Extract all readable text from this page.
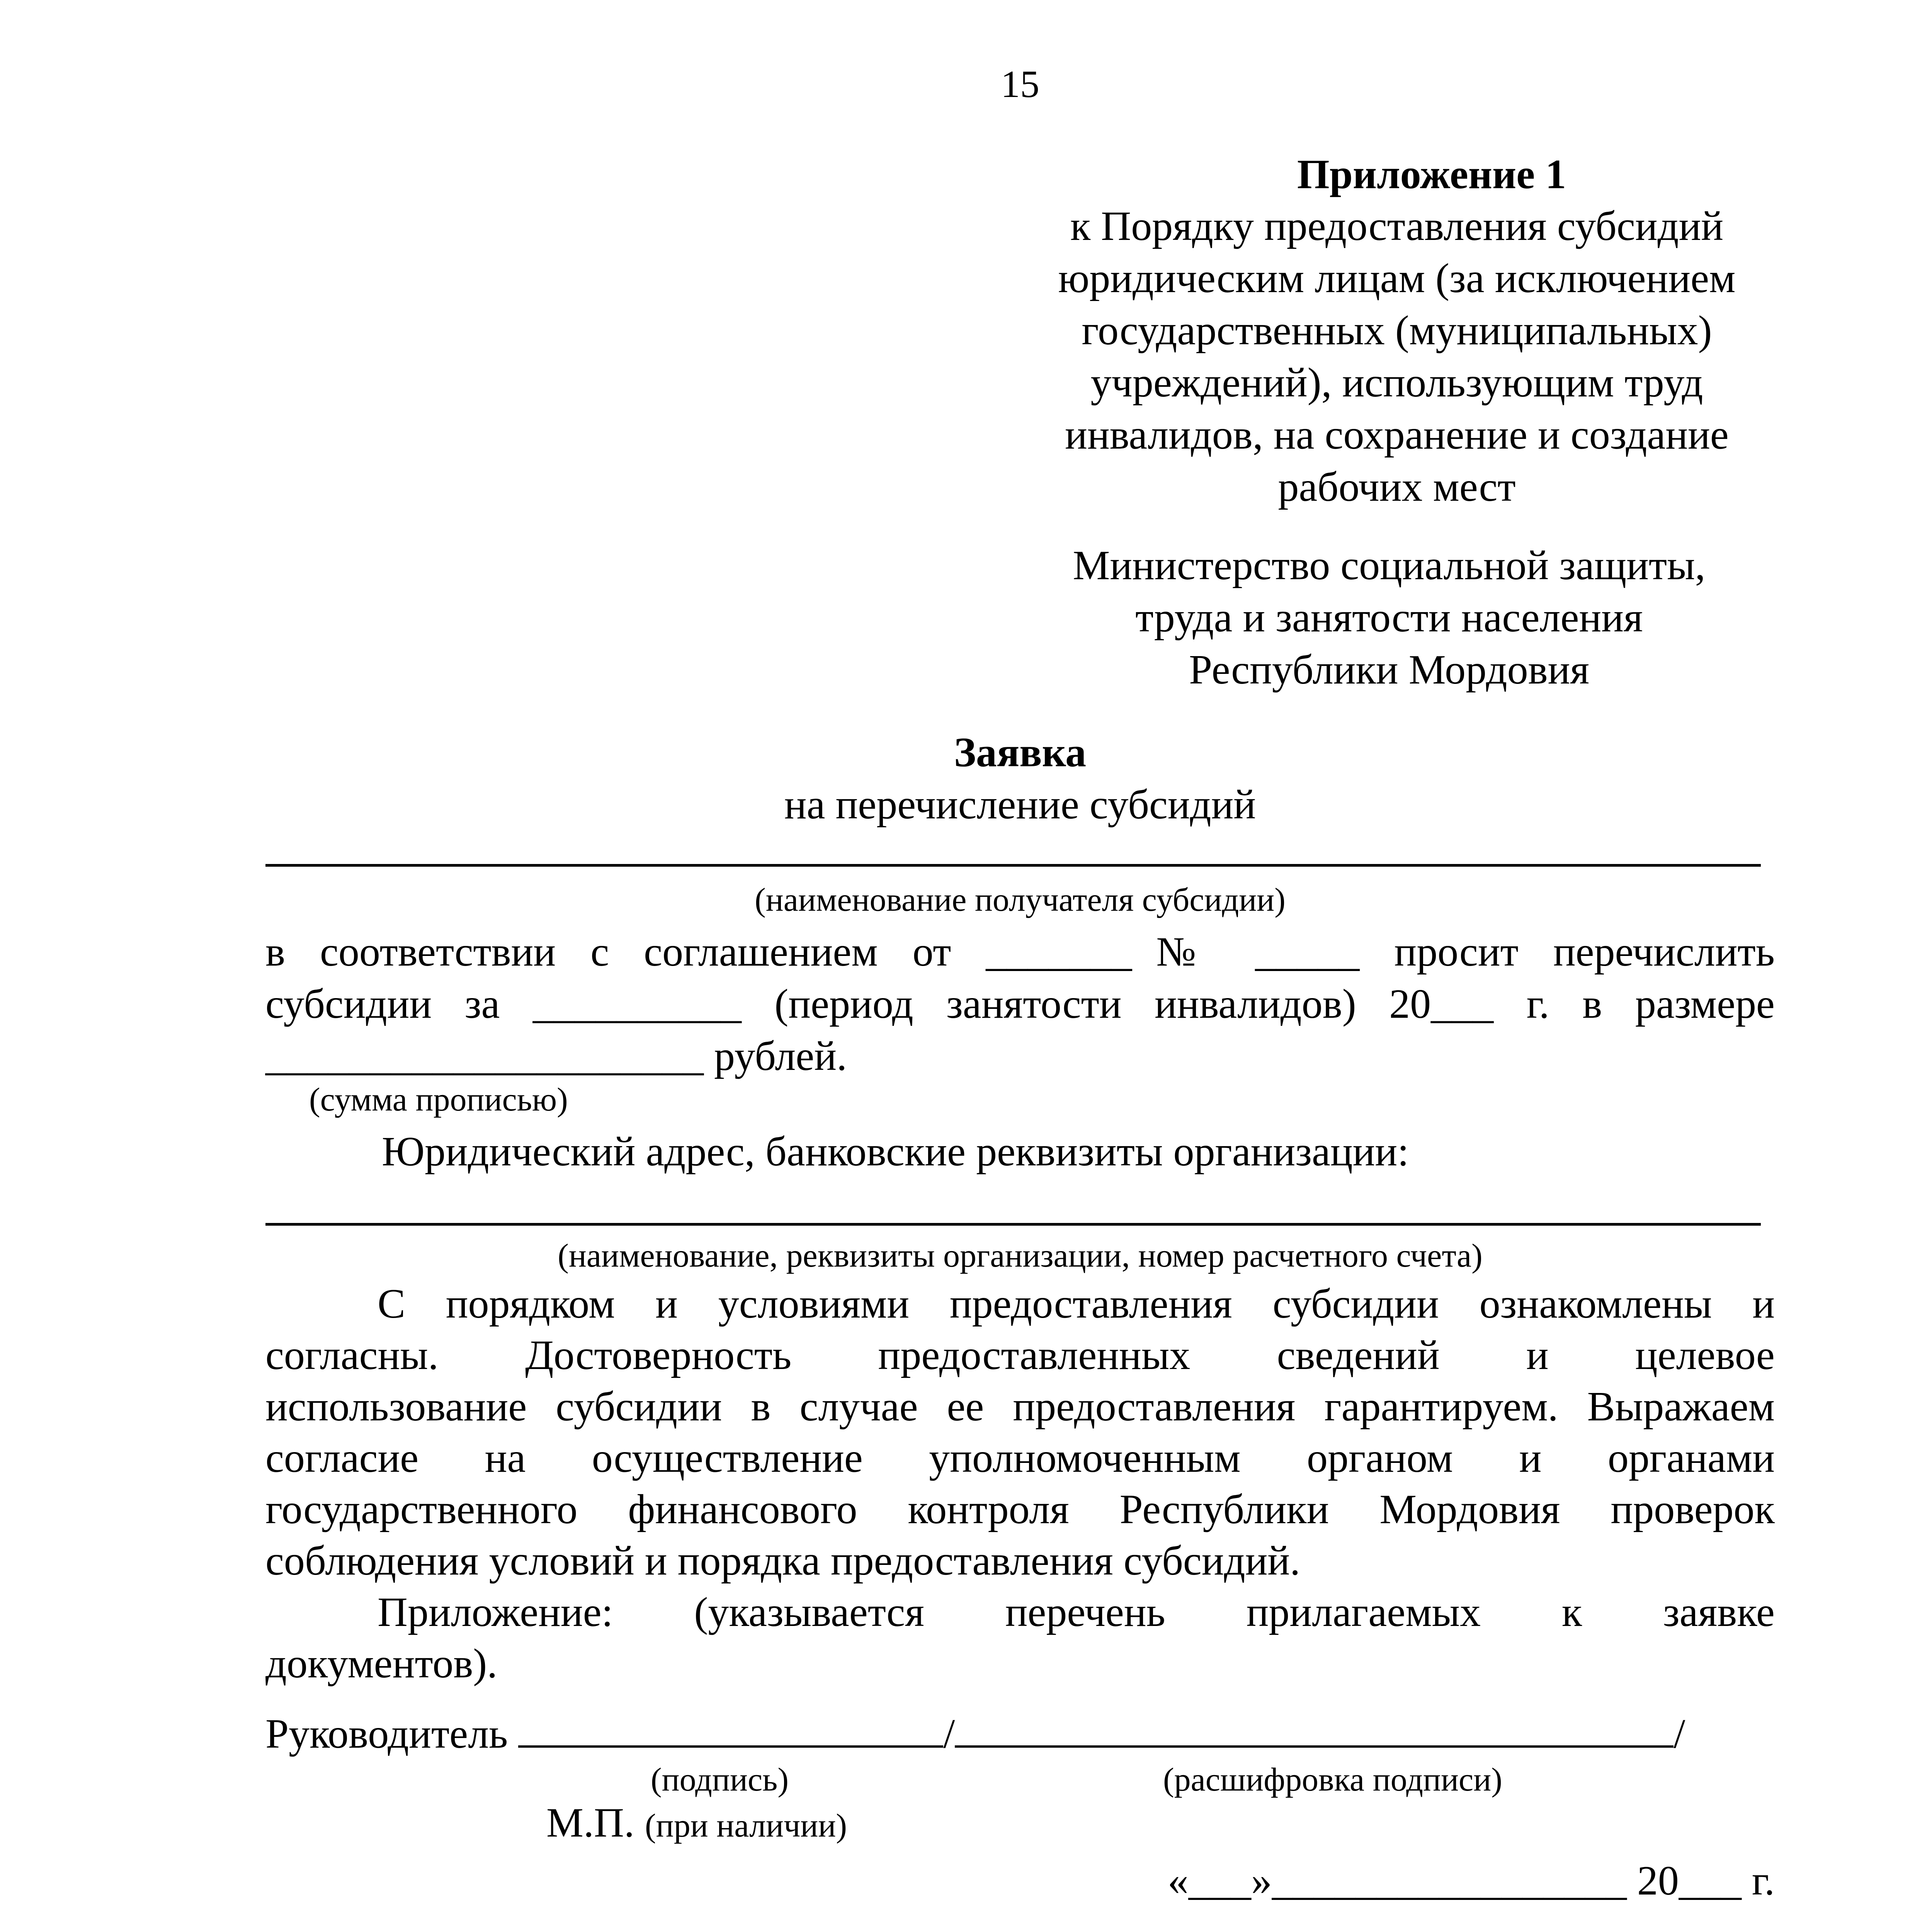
15
Приложение 1
к Порядку предоставления субсидий
юридическим лицам (за исключением
государственных (муниципальных)
учреждений), использующим труд
инвалидов, на сохранение и создание
рабочих мест
Министерство социальной защиты,
труда и занятости населения
Республики Мордовия
Заявка
на перечисление субсидий
(наименование получателя субсидии)
в соответствии с соглашением от _______№ _____ просит перечислить
субсидии за __________ (период занятости инвалидов) 20___ г. в размере
_____________________ рублей.
(сумма прописью)
Юридический адрес, банковские реквизиты организации:
(наименование, реквизиты организации, номер расчетного счета)
С порядком и условиями предоставления субсидии ознакомлены и
согласны. Достоверность предоставленных сведений и целевое
использование субсидии в случае ее предоставления гарантируем. Выражаем
согласие на осуществление уполномоченным органом и органами
государственного финансового контроля Республики Мордовия проверок
соблюдения условий и порядка предоставления субсидий.
Приложение: (указывается перечень прилагаемых к заявке
документов).
Руководитель	/	/
(подпись)	(расшифровка подписи)
М.П. (при наличии)
«___»_________________ 20___ г.
